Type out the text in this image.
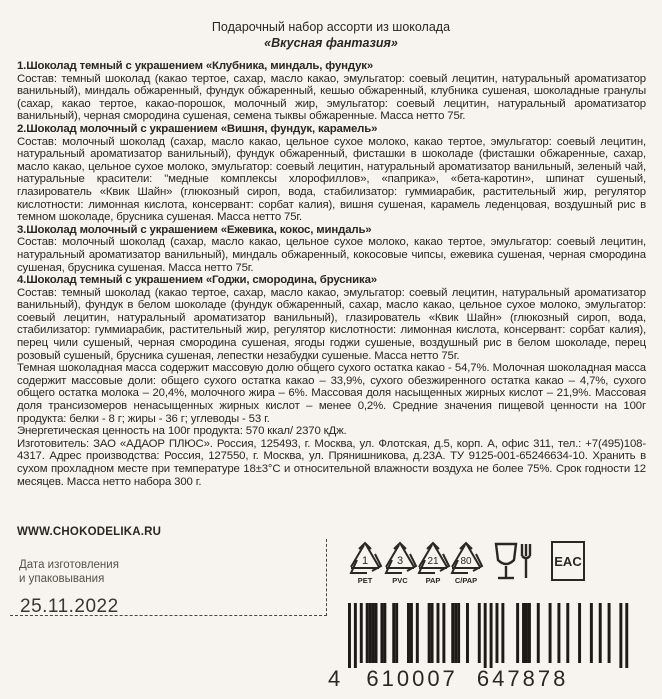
Подарочный набор ассорти из шоколада
«Вкусная фантазия»

1.Шоколад темный с украшением «Клубника, миндаль, фундук»

Состав: темный шоколад (какао тертое, сахар, масло какао, эмульгатор: соевый лецитин, натуральный ароматизатор ванильный), миндаль обжаренный, фундук обжаренный, кешью обжаренный, клубника сушеная, шоколадные гранулы (сахар, какао тертое, какао-порошок, молочный жир, эмульгатор: соевый лецитин, натуральный ароматизатор ванильный), черная смородина сушеная, семена тыквы обжаренные. Масса нетто 75г.

2.Шоколад молочный с украшением «Вишня, фундук, карамель»

Состав: молочный шоколад (сахар, масло какао, цельное сухое молоко, какао тертое, эмульгатор: соевый лецитин, натуральный ароматизатор ванильный), фундук обжаренный, фисташки в шоколаде (фисташки обжаренные, сахар, масло какао, цельное сухое молоко, эмульгатор: соевый лецитин, натуральный ароматизатор ванильный, зеленый чай, натуральные красители: "медные комплексы хлорофиллов», «паприка», «бета-каротин», шпинат сушеный, глазирователь «Квик Шайн» (глюкозный сироп, вода, стабилизатор: гуммиарабик, растительный жир, регулятор кислотности: лимонная кислота, консервант: сорбат калия), вишня сушеная, карамель леденцовая, воздушный рис в темном шоколаде, брусника сушеная. Масса нетто 75г.

3.Шоколад молочный с украшением «Ежевика, кокос, миндаль»

Состав: молочный шоколад (сахар, масло какао, цельное сухое молоко, какао тертое, эмульгатор: соевый лецитин, натуральный ароматизатор ванильный), миндаль обжаренный, кокосовые чипсы, ежевика сушеная, черная смородина сушеная, брусника сушеная. Масса нетто 75г.

4.Шоколад темный с украшением «Годжи, смородина, брусника»

Состав: темный шоколад (какао тертое, сахар, масло какао, эмульгатор: соевый лецитин, натуральный ароматизатор ванильный), фундук в белом шоколаде (фундук обжаренный, сахар, масло какао, цельное сухое молоко, эмульгатор: соевый лецитин, натуральный ароматизатор ванильный), глазирователь «Квик Шайн» (глюкозный сироп, вода, стабилизатор: гуммиарабик, растительный жир, регулятор кислотности: лимонная кислота, консервант: сорбат калия), перец чили сушеный, черная смородина сушеная, ягоды годжи сушеные, воздушный рис в белом шоколаде, перец розовый сушеный, брусника сушеная, лепестки незабудки сушеные. Масса нетто 75г.

Темная шоколадная масса содержит массовую долю общего сухого остатка какао - 54,7%. Молочная шоколадная масса содержит массовые доли: общего сухого остатка какао – 33,9%, сухого обезжиренного остатка какао – 4,7%, сухого общего остатка молока – 20,4%, молочного жира – 6%. Массовая доля насыщенных жирных кислот – 21,9%. Массовая доля трансизомеров ненасыщенных жирных кислот – менее 0,2%. Средние значения пищевой ценности на 100г продукта: белки - 8 г; жиры - 36 г; углеводы - 53 г.

Энергетическая ценность на 100г продукта: 570 ккал/ 2370 кДж.

Изготовитель: ЗАО «АДАОР ПЛЮС». Россия, 125493, г. Москва, ул. Флотская, д.5, корп. А, офис 311, тел.: +7(495)108-4317. Адрес производства: Россия, 127550, г. Москва, ул. Прянишникова, д.23А. ТУ 9125-001-65246634-10. Хранить в сухом прохладном месте при температуре 18±3°С и относительной влажности воздуха не более 75%. Срок годности 12 месяцев. Масса нетто набора 300 г.

WWW.CHOKODELIKA.RU
Дата изготовления
и упаковывания
25.11.2022
1
PET
3
PVC
21
PAP
80
C/PAP
EAC
4 610007 647878
